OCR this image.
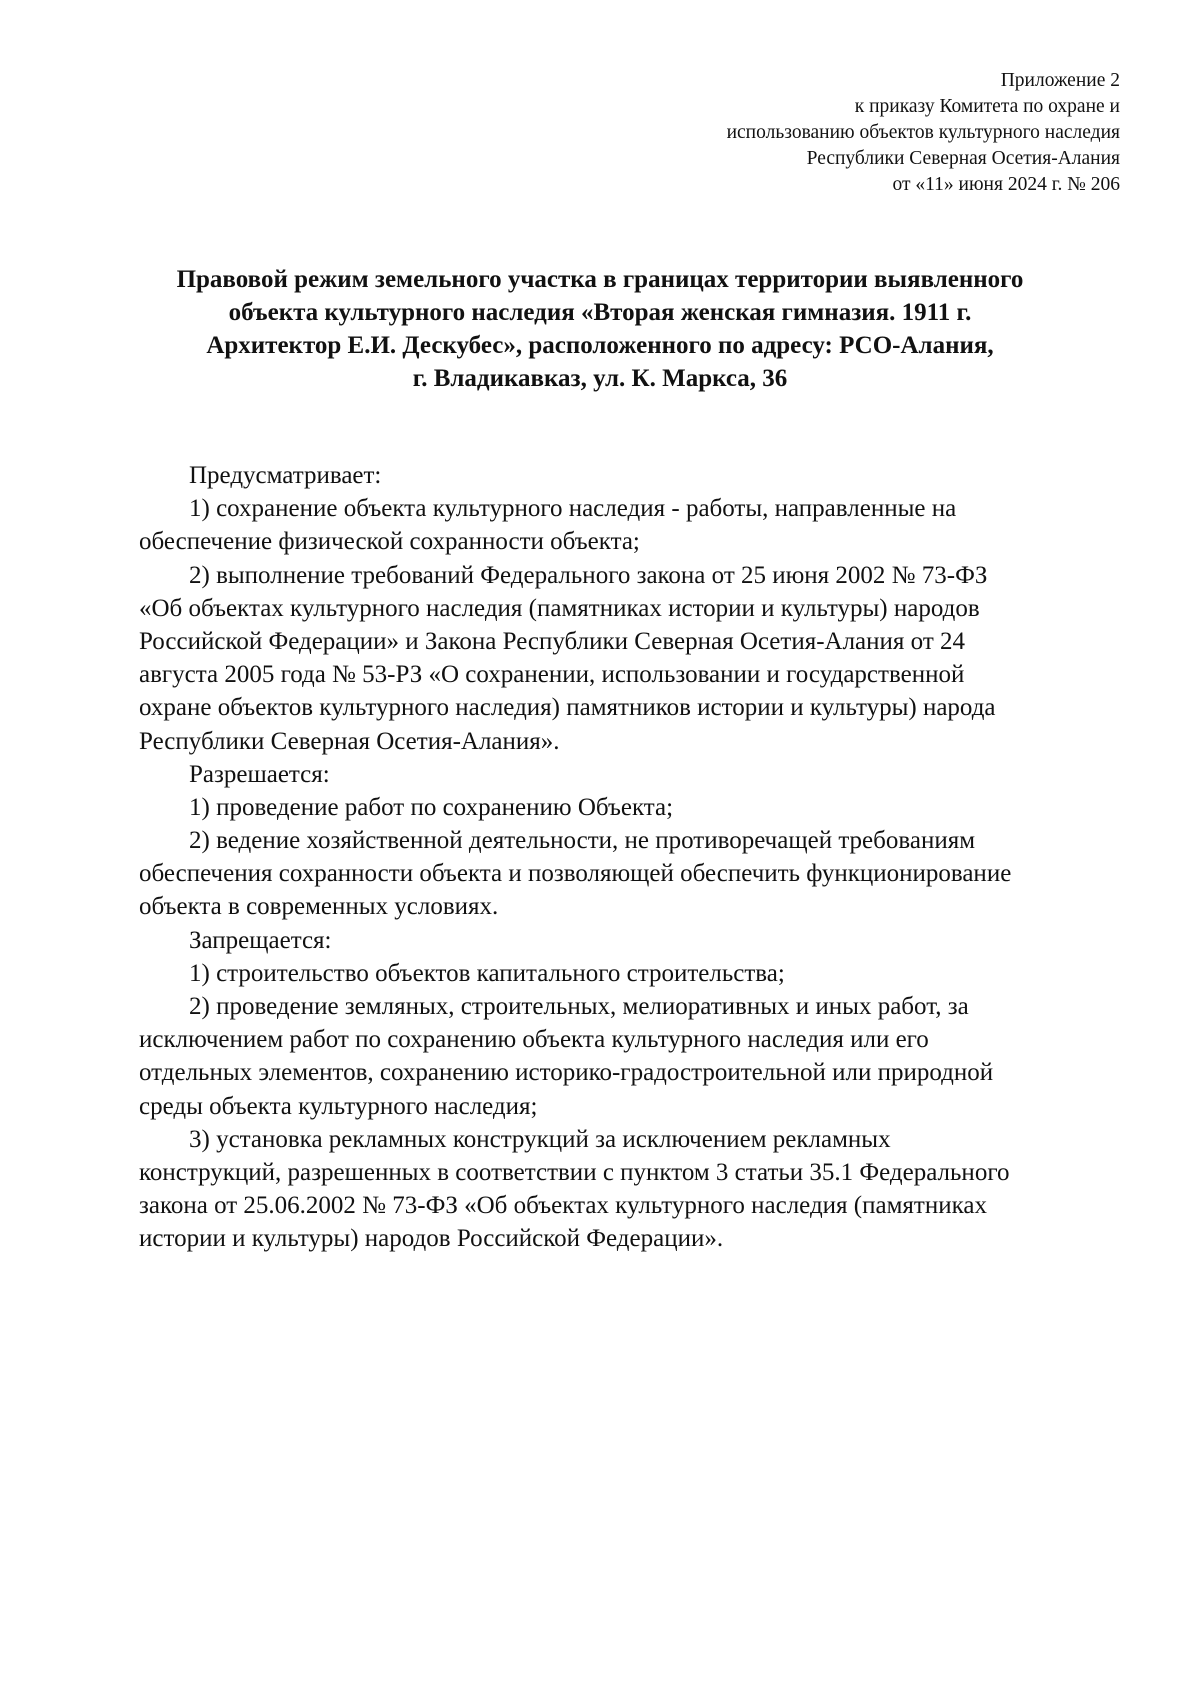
Приложение 2
к приказу Комитета по охране и
использованию объектов культурного наследия
Республики Северная Осетия-Алания
от «11» июня 2024 г. № 206
Правовой режим земельного участка в границах территории выявленного
объекта культурного наследия «Вторая женская гимназия. 1911 г.
Архитектор Е.И. Дескубес», расположенного по адресу: РСО-Алания,
г. Владикавказ, ул. К. Маркса, 36
Предусматривает:
1) сохранение объекта культурного наследия - работы, направленные на
обеспечение физической сохранности объекта;
2) выполнение требований Федерального закона от 25 июня 2002 № 73-ФЗ
«Об объектах культурного наследия (памятниках истории и культуры) народов
Российской Федерации» и Закона Республики Северная Осетия-Алания от 24
августа 2005 года № 53-РЗ «О сохранении, использовании и государственной
охране объектов культурного наследия) памятников истории и культуры) народа
Республики Северная Осетия-Алания».
Разрешается:
1) проведение работ по сохранению Объекта;
2) ведение хозяйственной деятельности, не противоречащей требованиям
обеспечения сохранности объекта и позволяющей обеспечить функционирование
объекта в современных условиях.
Запрещается:
1) строительство объектов капитального строительства;
2) проведение земляных, строительных, мелиоративных и иных работ, за
исключением работ по сохранению объекта культурного наследия или его
отдельных элементов, сохранению историко-градостроительной или природной
среды объекта культурного наследия;
3) установка рекламных конструкций за исключением рекламных
конструкций, разрешенных в соответствии с пунктом 3 статьи 35.1 Федерального
закона от 25.06.2002 № 73-ФЗ «Об объектах культурного наследия (памятниках
истории и культуры) народов Российской Федерации».
